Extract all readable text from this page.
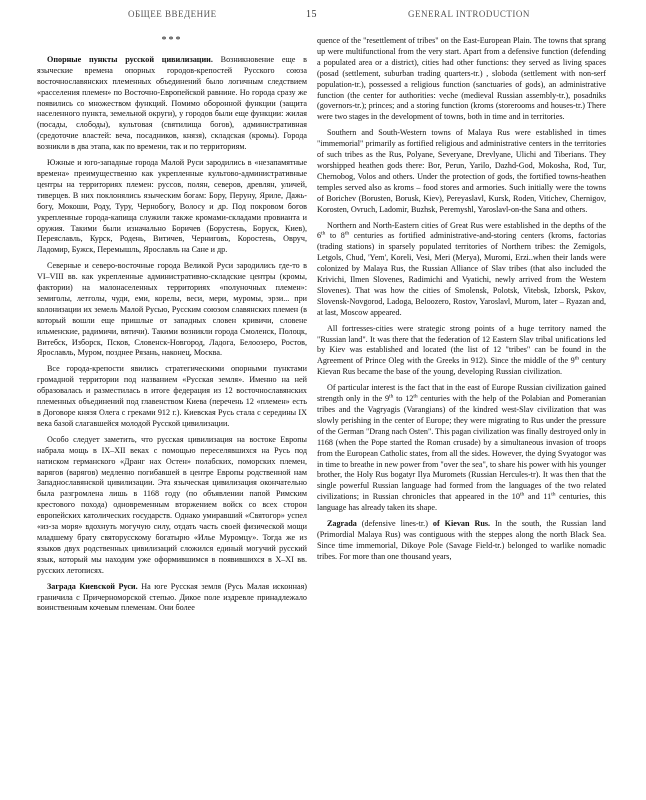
ОБЩЕЕ ВВЕДЕНИЕ	15	GENERAL INTRODUCTION
***

Опорные пункты русской цивилизации. Возникновение еще в языческие времена опорных городов-крепостей Русского союза восточнославянских племенных объединений было логичным следствием «расселения племен» по Восточно-Европейской равнине. Но города сразу же появились со множеством функций. Помимо оборонной функции (защита населенного пункта, земельной округи), у городов были еще функции: жилая (посады, слободы), культовая (святилища богов), административная (средоточие властей: веча, посадников, князя), складская (кромы). Города возникли в два этапа, как по времени, так и по территориям.

Южные и юго-западные города Малой Руси зародились в «незапамятные времена» преимущественно как укрепленные культово-административные центры на территориях племен: руссов, полян, северов, древлян, уличей, тиверцев. В них поклонялись языческим богам: Бору, Перуну, Ярилe, Дажь-богу, Мокоши, Роду, Туру, Чернобогу, Волосу и др. Под покровом богов укрепленные города-капища служили также кромами-складами провианта и оружия. Такими были изначально Боричев (Борустень, Боруск, Киев), Переяславль, Курск, Родень, Витичев, Черниговъ, Коростень, Овруч, Ладомир, Бужск, Перемышль, Ярославль на Сане и др.

Северные и северо-восточные города Великой Руси зародились где-то в VI–VIII вв. как укрепленные административно-складские центры (кромы, фактории) на малонаселенных территориях «полуночных племен»: земиголы, летголы, чуди, еми, корелы, веси, мери, муромы, эрзи... при колонизации их земель Малой Русью, Русским союзом славянских племен (в который вошли еще пришлые от западных словен кривичи, словене ильменские, радимичи, вятичи). Такими возникли города Смоленск, Полоцк, Витебск, Изборск, Псков, Словенск-Новгород, Ладога, Белоозеро, Ростов, Ярославль, Муром, позднее Рязань, наконец, Москва.

Все города-крепости явились стратегическими опорными пунктами громадной территории под названием «Русская земля». Именно на ней образовалась и разместилась в итоге федерация из 12 восточнославянских племенных объединений под главенством Киева (перечень 12 «племен» есть в Договоре князя Олега с греками 912 г.). Киевская Русь стала с середины IX века базой слагавшейся молодой Русской цивилизации.

Особо следует заметить, что русская цивилизация на востоке Европы набрала мощь в IX–XII веках с помощью переселявшихся на Русь под натиском германского «Дранг нах Остен» полабских, поморских племен, варягов (варягов) медленно погибавшей в центре Европы родственной нам Западнославянской цивилизации. Эта языческая цивилизация окончательно была разгромлена лишь в 1168 году (по объявлении папой Римским крестового похода) одновременным вторжением войск со всех сторон европейских католических государств. Однако умиравший «Святогор» успел «из-за моря» вдохнуть могучую силу, отдать часть своей физической мощи младшему брату святорусскому богатырю «Илье Муромцу». Тогда же из языков двух родственных цивилизаций сложился единый могучий русский язык, который мы находим уже оформившимся в появившихся в X–XI вв. русских летописях.

Заграда Киевской Руси. На юге Русская земля (Русь Малая исконная) граничила с Причерноморской степью. Дикое поле издревле принадлежало воинственным кочевым племенам. Они более

quence of the "resettlement of tribes" on the East-European Plain. The towns that sprang up were multifunctional from the very start. Apart from a defensive function (defending a populated area or a district), cities had other functions: they served as living spaces (posad (settlement, suburban trading quarters-tr.) , sloboda (settlement with non-serf population-tr.), possessed a religious function (sanctuaries of gods), an administrative function (the center for authorities: veche (medieval Russian assembly-tr.), posadniks (governors-tr.); princes; and a storing function (kroms (storerooms and houses-tr.) There were two stages in the development of towns, both in time and in territories.

Southern and South-Western towns of Malaya Rus were established in times "immemorial" primarily as fortified religious and administrative centers in the territories of such tribes as the Rus, Polyane, Severyane, Drevlyane, Ulichi and Tiberians. They worshipped heathen gods there: Bor, Perun, Yarilo, Dazhd-God, Mokosha, Rod, Tur, Chernobog, Volos and others. Under the protection of gods, the fortified towns-heathen temples served also as kroms – food stores and armories. Such initially were the towns of Borichev (Borusten, Borusk, Kiev), Pereyaslavl, Kursk, Roden, Vitichev, Chernigov, Korosten, Ovruch, Ladomir, Buzhsk, Peremyshl, Yaroslavl-on-the Sana and others.

Northern and North-Eastern cities of Great Rus were established in the depths of the 6th to 8th centuries as fortified administrative-and-storing centers (kroms, factorias (trading stations) in sparsely populated territories of Northern tribes: the Zemigols, Letgols, Chud, 'Yem', Koreli, Vesi, Meri (Merya), Muromi, Erzi..when their lands were colonized by Malaya Rus, the Russian Alliance of Slav tribes (that also included the Krivichi, Ilmen Slovenes, Radimichi and Vyatichi, newly arrived from the Western Slovenes). That was how the cities of Smolensk, Polotsk, Vitebsk, Izborsk, Pskov, Slovensk-Novgorod, Ladoga, Beloozero, Rostov, Yaroslavl, Murom, later – Ryazan and, at last, Moscow appeared.

All fortresses-cities were strategic strong points of a huge territory named the "Russian land". It was there that the federation of 12 Eastern Slav tribal unifications led by Kiev was established and located (the list of 12 "tribes" can be found in the Agreement of Prince Oleg with the Greeks in 912). Since the middle of the 9th century Kievan Rus became the base of the young, developing Russian civilization.

Of particular interest is the fact that in the east of Europe Russian civilization gained strength only in the 9th to 12th centuries with the help of the Polabian and Pomeranian tribes and the Vagryagis (Varangians) of the kindred west-Slav civilization that was slowly perishing in the center of Europe; they were migrating to Rus under the pressure of the German "Drang nach Osten". This pagan civilization was finally destroyed only in 1168 (when the Pope started the Roman crusade) by a simultaneous invasion of troops from the European Catholic states, from all the sides. However, the dying Svyatogor was in time to breathe in new power from "over the sea", to share his power with his younger brother, the Holy Rus bogatyr Ilya Muromets (Russian Hercules-tr). It was then that the single powerful Russian language had formed from the languages of the two related civilizations; in Russian chronicles that appeared in the 10th and 11th centuries, this language has already taken its shape.

Zagrada (defensive lines-tr.) of Kievan Rus. In the south, the Russian land (Primordial Malaya Rus) was contiguous with the steppes along the north Black Sea. Since time immemorial, Dikoye Pole (Savage Field-tr.) belonged to warlike nomadic tribes. For more than one thousand years,
